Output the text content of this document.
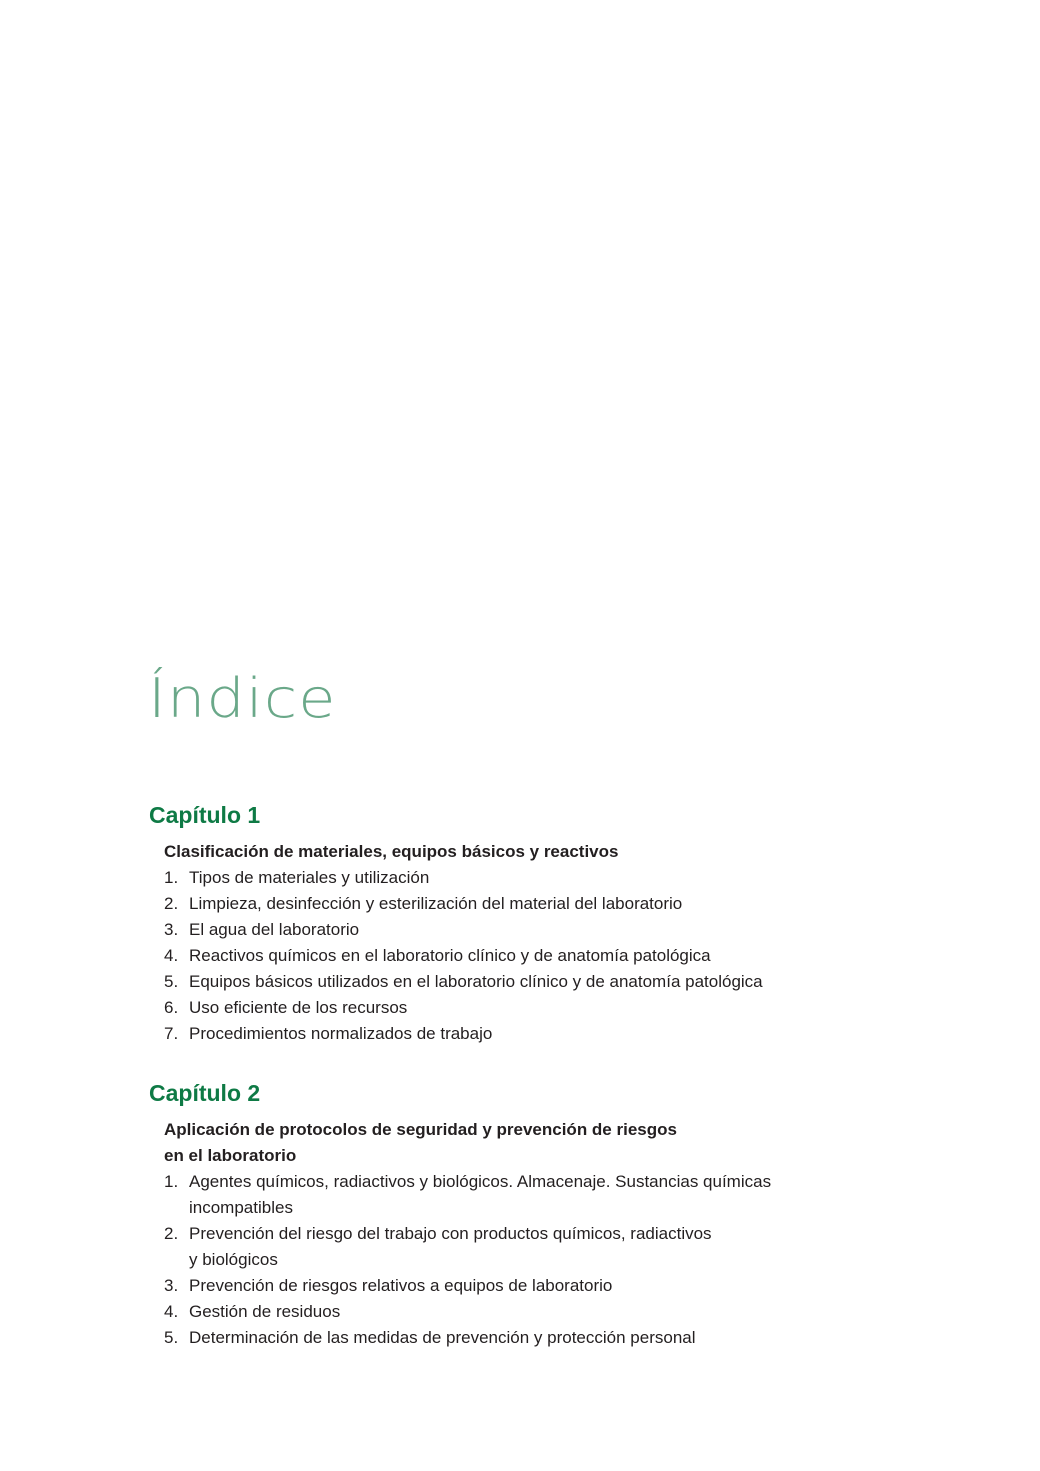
Índice
Capítulo 1
Clasificación de materiales, equipos básicos y reactivos
1. Tipos de materiales y utilización
2. Limpieza, desinfección y esterilización del material del laboratorio
3. El agua del laboratorio
4. Reactivos químicos en el laboratorio clínico y de anatomía patológica
5. Equipos básicos utilizados en el laboratorio clínico y de anatomía patológica
6. Uso eficiente de los recursos
7. Procedimientos normalizados de trabajo
Capítulo 2
Aplicación de protocolos de seguridad y prevención de riesgos
en el laboratorio
1. Agentes químicos, radiactivos y biológicos. Almacenaje. Sustancias químicas
incompatibles
2. Prevención del riesgo del trabajo con productos químicos, radiactivos
y biológicos
3. Prevención de riesgos relativos a equipos de laboratorio
4. Gestión de residuos
5. Determinación de las medidas de prevención y protección personal
